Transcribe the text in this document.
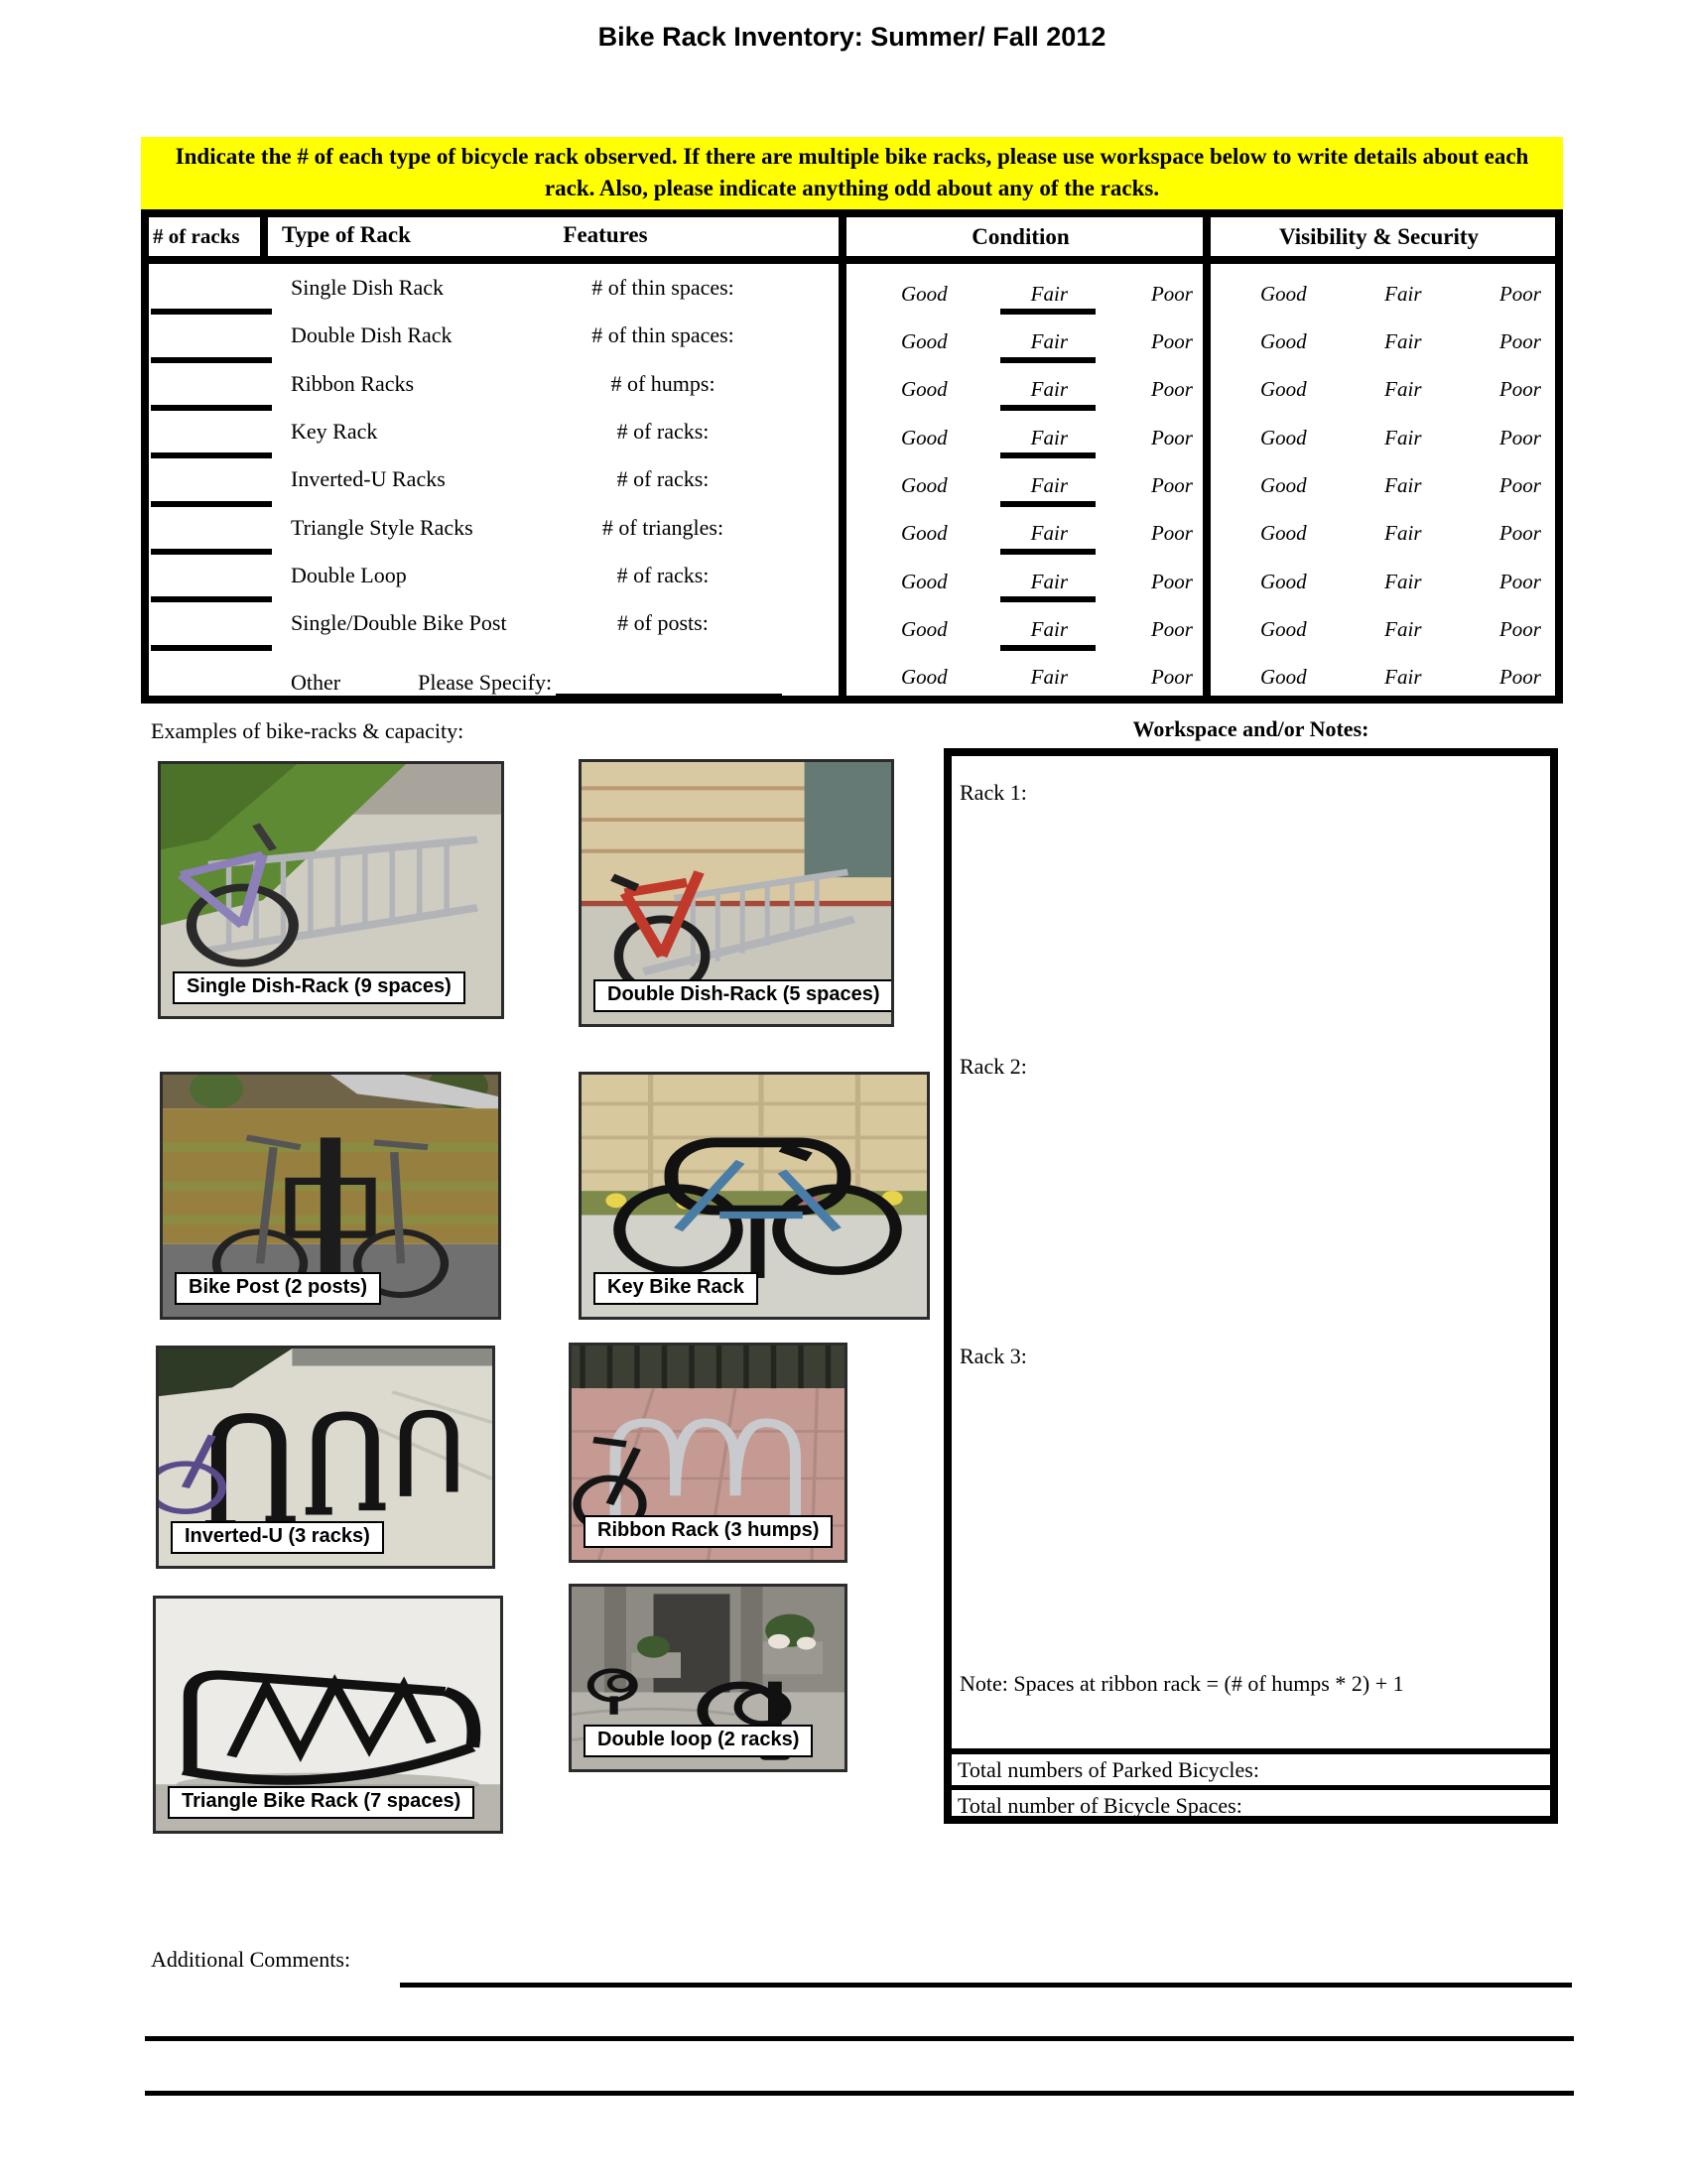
Bike Rack Inventory: Summer/ Fall 2012
Indicate the # of each type of bicycle rack observed. If there are multiple bike racks, please use workspace below to write details about each rack. Also, please indicate anything odd about any of the racks.
# of racks	Type of Rack	Features	Condition	Visibility & Security
Single Dish Rack	# of thin spaces:	Good	Fair	Poor	Good	Fair	Poor
Double Dish Rack	# of thin spaces:	Good	Fair	Poor	Good	Fair	Poor
Ribbon Racks	# of humps:	Good	Fair	Poor	Good	Fair	Poor
Key Rack	# of racks:	Good	Fair	Poor	Good	Fair	Poor
Inverted-U Racks	# of racks:	Good	Fair	Poor	Good	Fair	Poor
Triangle Style Racks	# of triangles:	Good	Fair	Poor	Good	Fair	Poor
Double Loop	# of racks:	Good	Fair	Poor	Good	Fair	Poor
Single/Double Bike Post	# of posts:	Good	Fair	Poor	Good	Fair	Poor
Other	Please Specify:	Good	Fair	Poor	Good	Fair	Poor
Examples of bike-racks & capacity:	Workspace and/or Notes:
Single Dish-Rack (9 spaces)	Double Dish-Rack (5 spaces)
Bike Post (2 posts)	Key Bike Rack
Inverted-U (3 racks)	Ribbon Rack (3 humps)
Triangle Bike Rack (7 spaces)
Double loop (2 racks)
Rack 1:
Rack 2:
Rack 3:
Note: Spaces at ribbon rack = (# of humps * 2) + 1
Total numbers of Parked Bicycles:
Total number of Bicycle Spaces:
Additional Comments:
